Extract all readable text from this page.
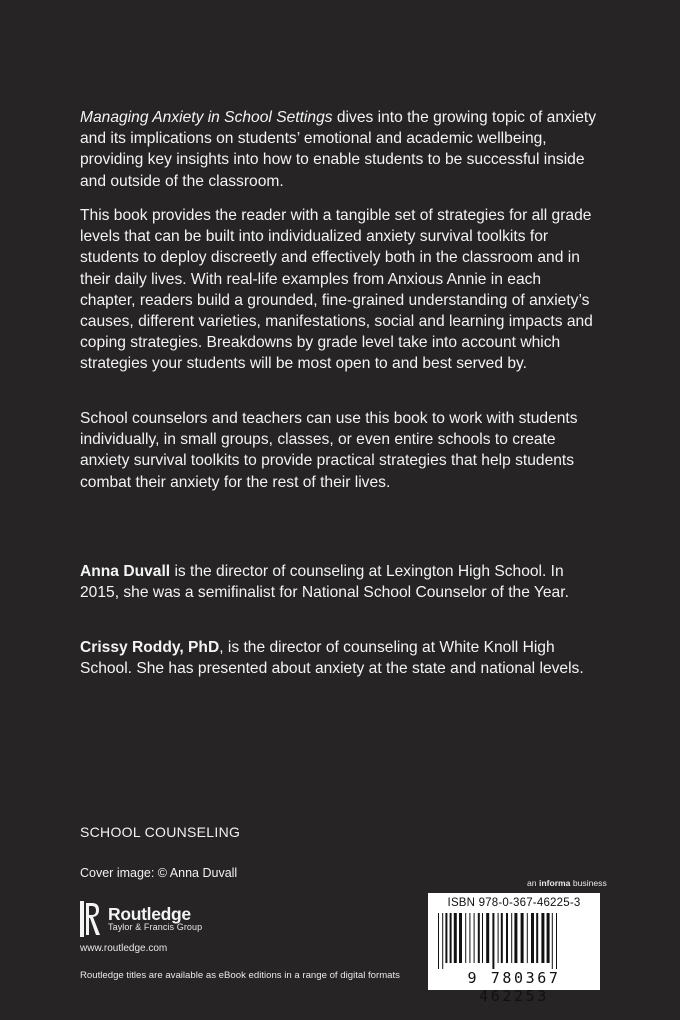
Managing Anxiety in School Settings dives into the growing topic of anxiety and its implications on students’ emotional and academic wellbeing, providing key insights into how to enable students to be successful inside and outside of the classroom.

This book provides the reader with a tangible set of strategies for all grade levels that can be built into individualized anxiety survival toolkits for students to deploy discreetly and effectively both in the classroom and in their daily lives. With real-life examples from Anxious Annie in each chapter, readers build a grounded, fine-grained understanding of anxiety’s causes, different varieties, manifestations, social and learning impacts and coping strategies. Breakdowns by grade level take into account which strategies your students will be most open to and best served by.

School counselors and teachers can use this book to work with students individually, in small groups, classes, or even entire schools to create anxiety survival toolkits to provide practical strategies that help students combat their anxiety for the rest of their lives.

Anna Duvall is the director of counseling at Lexington High School. In 2015, she was a semifinalist for National School Counselor of the Year.

Crissy Roddy, PhD, is the director of counseling at White Knoll High School. She has presented about anxiety at the state and national levels.

SCHOOL COUNSELING
Cover image: © Anna Duvall
Routledge
Taylor & Francis Group
www.routledge.com
Routledge titles are available as eBook editions in a range of digital formats
an informa business
ISBN 978-0-367-46225-3
9 780367 462253
